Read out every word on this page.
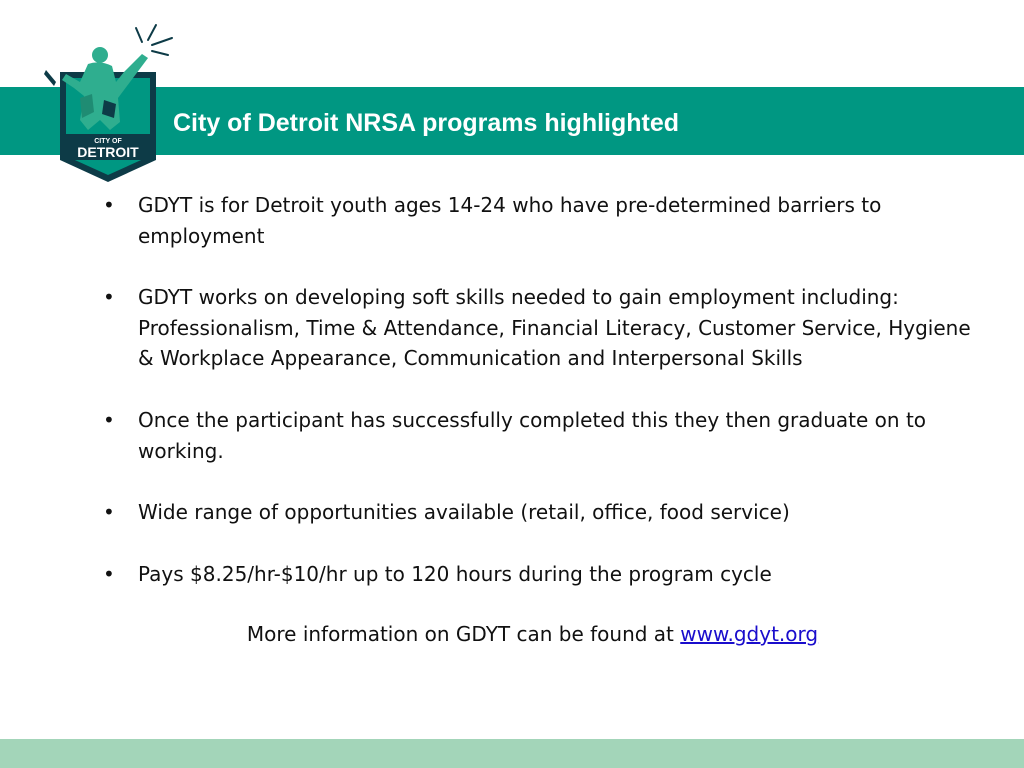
City of Detroit NRSA programs highlighted
CITY OF
DETROIT
•	GDYT is for Detroit youth ages 14-24 who have pre-determined barriers to employment
•	GDYT works on developing soft skills needed to gain employment including: Professionalism, Time & Attendance, Financial Literacy, Customer Service, Hygiene & Workplace Appearance, Communication and Interpersonal Skills
•	Once the participant has successfully completed this they then graduate on to working.
•	Wide range of opportunities available (retail, office, food service)
•	Pays $8.25/hr-$10/hr up to 120 hours during the program cycle
More information on GDYT can be found at www.gdyt.org
